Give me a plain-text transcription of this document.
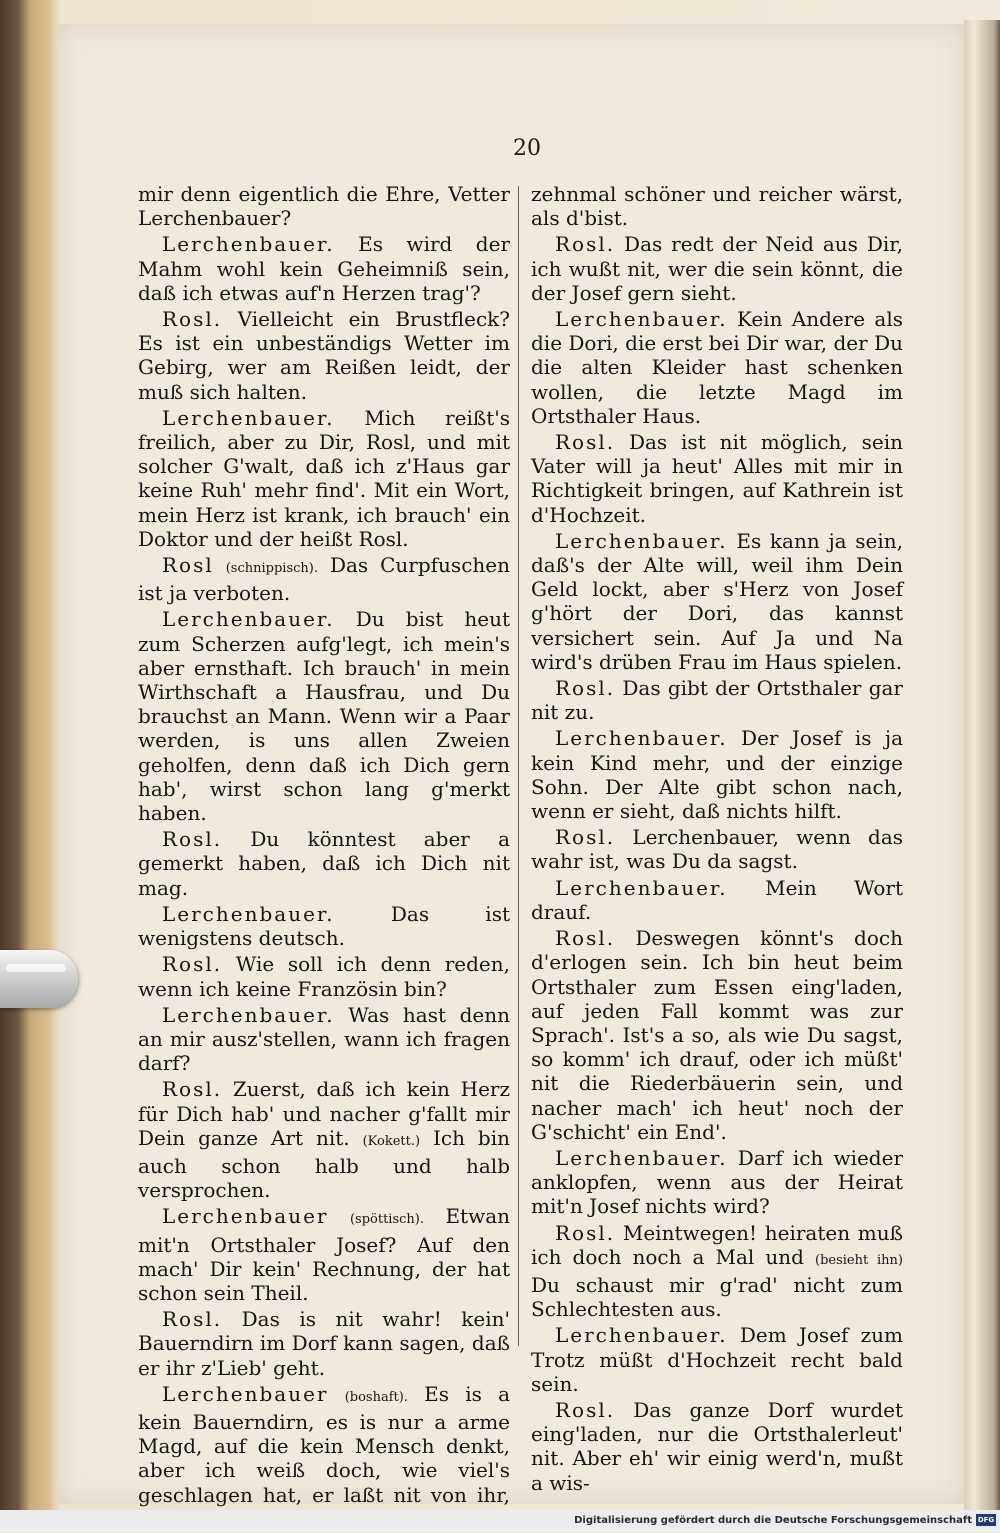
20

mir denn eigentlich die Ehre, Vetter Lerchenbauer?

Lerchenbauer. Es wird der Mahm wohl kein Geheimniß sein, daß ich etwas auf'n Herzen trag'?

Rosl. Vielleicht ein Brustfleck? Es ist ein unbeständigs Wetter im Gebirg, wer am Reißen leidt, der muß sich halten.

Lerchenbauer. Mich reißt's freilich, aber zu Dir, Rosl, und mit solcher G'walt, daß ich z'Haus gar keine Ruh' mehr find'. Mit ein Wort, mein Herz ist krank, ich brauch' ein Doktor und der heißt Rosl.

Rosl (schnippisch). Das Curpfuschen ist ja verboten.

Lerchenbauer. Du bist heut zum Scherzen aufg'legt, ich mein's aber ernsthaft. Ich brauch' in mein Wirthschaft a Hausfrau, und Du brauchst an Mann. Wenn wir a Paar werden, is uns allen Zweien geholfen, denn daß ich Dich gern hab', wirst schon lang g'merkt haben.

Rosl. Du könntest aber a gemerkt haben, daß ich Dich nit mag.

Lerchenbauer.	Das ist wenigstens deutsch.

Rosl. Wie soll ich denn reden, wenn ich keine Französin bin?

Lerchenbauer. Was hast denn an mir ausz'stellen, wann ich fragen darf?

Rosl. Zuerst, daß ich kein Herz für Dich hab' und nacher g'fallt mir Dein ganze Art nit. (Kokett.) Ich bin auch schon halb und halb versprochen.

Lerchenbauer (spöttisch). Etwan mit'n Ortsthaler Josef? Auf den mach' Dir kein' Rechnung, der hat schon sein Theil.

Rosl. Das is nit wahr! kein' Bauerndirn im Dorf kann sagen, daß er ihr z'Lieb' geht.

Lerchenbauer (boshaft). Es is a kein Bauerndirn, es is nur a arme Magd, auf die kein Mensch denkt, aber ich weiß doch, wie viel's geschlagen hat, er laßt nit von ihr,

zehnmal schöner und reicher wärst, als d'bist.

Rosl. Das redt der Neid aus Dir, ich wußt nit, wer die sein könnt, die der Josef gern sieht.

Lerchenbauer. Kein Andere als die Dori, die erst bei Dir war, der Du die alten Kleider hast schenken wollen, die letzte Magd im Ortsthaler Haus.

Rosl. Das ist nit möglich, sein Vater will ja heut' Alles mit mir in Richtigkeit bringen, auf Kathrein ist d'Hochzeit.

Lerchenbauer. Es kann ja sein, daß's der Alte will, weil ihm Dein Geld lockt, aber s'Herz von Josef g'hört der Dori, das kannst versichert sein. Auf Ja und Na wird's drüben Frau im Haus spielen.

Rosl. Das gibt der Ortsthaler gar nit zu.

Lerchenbauer. Der Josef is ja kein Kind mehr, und der einzige Sohn. Der Alte gibt schon nach, wenn er sieht, daß nichts hilft.

Rosl. Lerchenbauer, wenn das wahr ist, was Du da sagst.

Lerchenbauer. Mein Wort drauf.

Rosl. Deswegen könnt's doch d'erlogen sein. Ich bin heut beim Ortsthaler zum Essen eing'laden, auf jeden Fall kommt was zur Sprach'. Ist's a so, als wie Du sagst, so komm' ich drauf, oder ich müßt' nit die Riederbäuerin sein, und nacher mach' ich heut' noch der G'schicht' ein End'.

Lerchenbauer. Darf ich wieder anklopfen, wenn aus der Heirat mit'n Josef nichts wird?

Rosl. Meintwegen! heiraten muß ich doch noch a Mal und (besieht ihn) Du schaust mir g'rad' nicht zum Schlechtesten aus.

Lerchenbauer. Dem Josef zum Trotz müßt d'Hochzeit recht bald sein.

Rosl. Das ganze Dorf wurdet eing'laden, nur die Ortsthalerleut' nit. Aber eh' wir einig werd'n, mußt a wis-

Digitalisierung gefördert durch die Deutsche Forschungsgemeinschaft DFG
